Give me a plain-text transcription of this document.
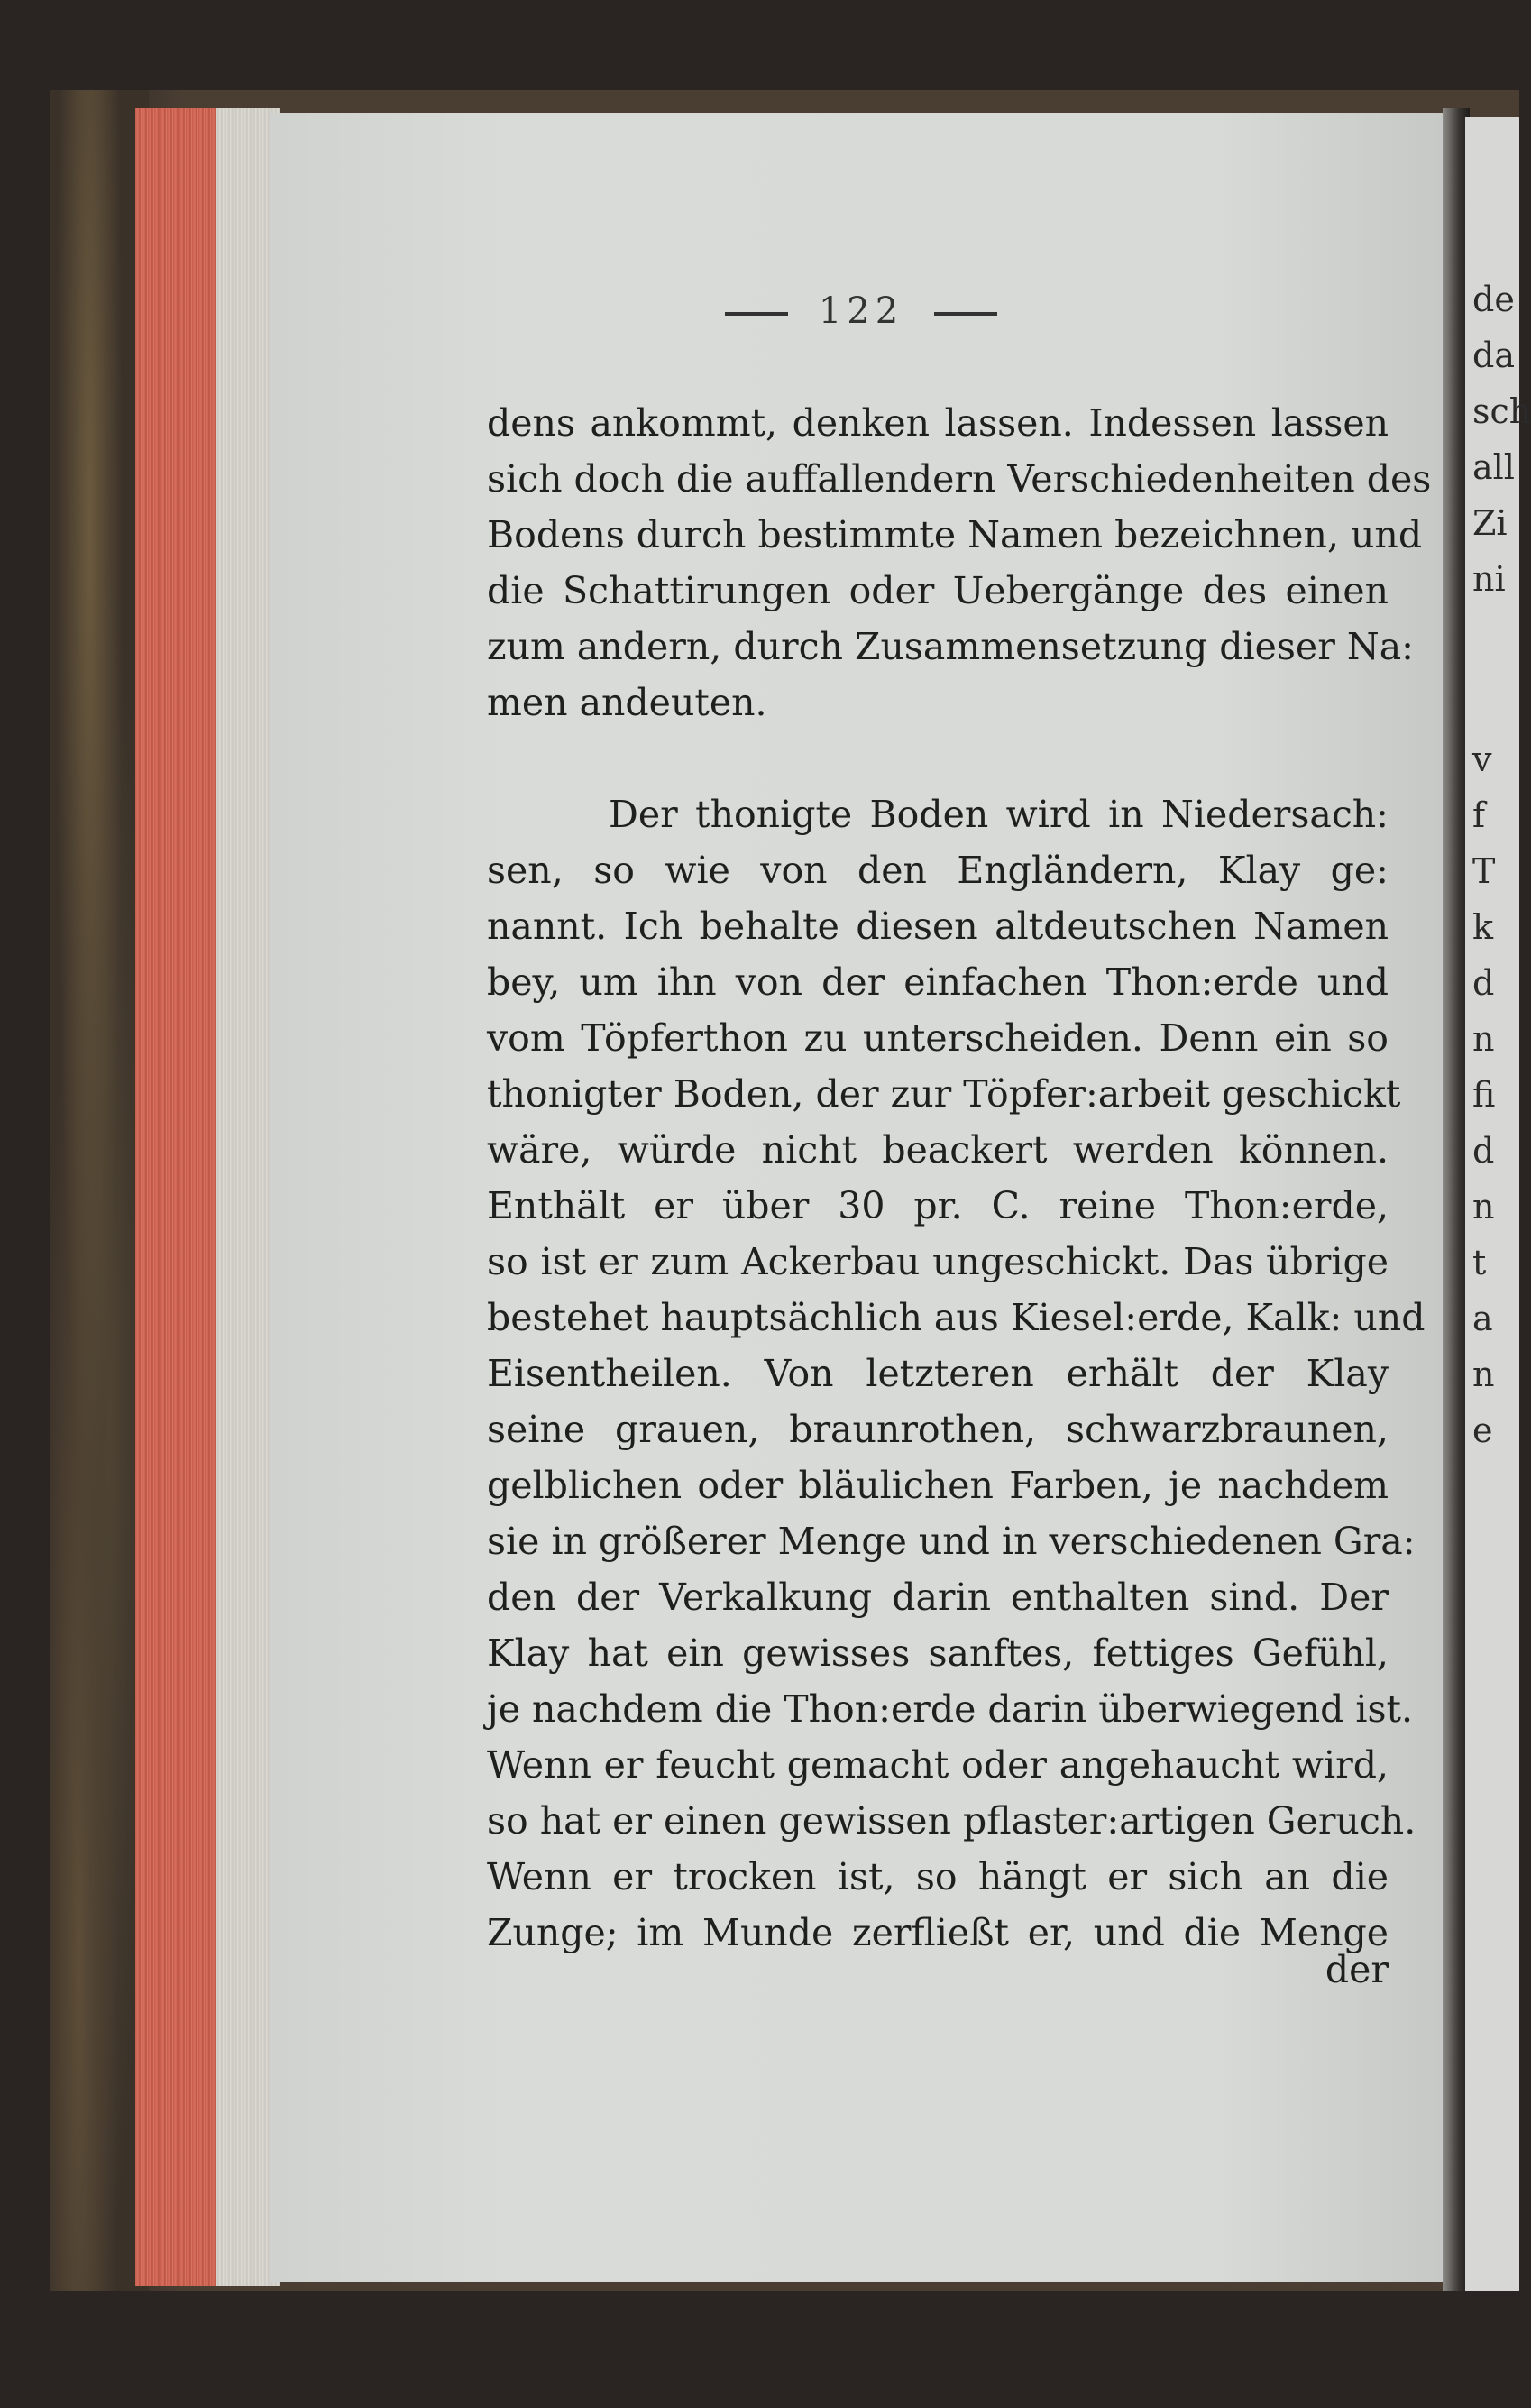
de
da
sch
all
Zi
ni
v
f
T
k
d
n
fi
d
n
t
a
n
e
122
dens ankommt, denken lassen. Indessen lassen
sich doch die auffallendern Verschiedenheiten des
Bodens durch bestimmte Namen bezeichnen, und
die Schattirungen oder Uebergänge des einen
zum andern, durch Zusammensetzung dieser Na:
men andeuten.
Der thonigte Boden wird in Niedersach:
sen, so wie von den Engländern, Klay ge:
nannt. Ich behalte diesen altdeutschen Namen
bey, um ihn von der einfachen Thon:erde und
vom Töpferthon zu unterscheiden. Denn ein so
thonigter Boden, der zur Töpfer:arbeit geschickt
wäre, würde nicht beackert werden können.
Enthält er über 30 pr. C. reine Thon:erde,
so ist er zum Ackerbau ungeschickt. Das übrige
bestehet hauptsächlich aus Kiesel:erde, Kalk: und
Eisentheilen. Von letzteren erhält der Klay
seine grauen, braunrothen, schwarzbraunen,
gelblichen oder bläulichen Farben, je nachdem
sie in größerer Menge und in verschiedenen Gra:
den der Verkalkung darin enthalten sind. Der
Klay hat ein gewisses sanftes, fettiges Gefühl,
je nachdem die Thon:erde darin überwiegend ist.
Wenn er feucht gemacht oder angehaucht wird,
so hat er einen gewissen pflaster:artigen Geruch.
Wenn er trocken ist, so hängt er sich an die
Zunge; im Munde zerfließt er, und die Menge
der
